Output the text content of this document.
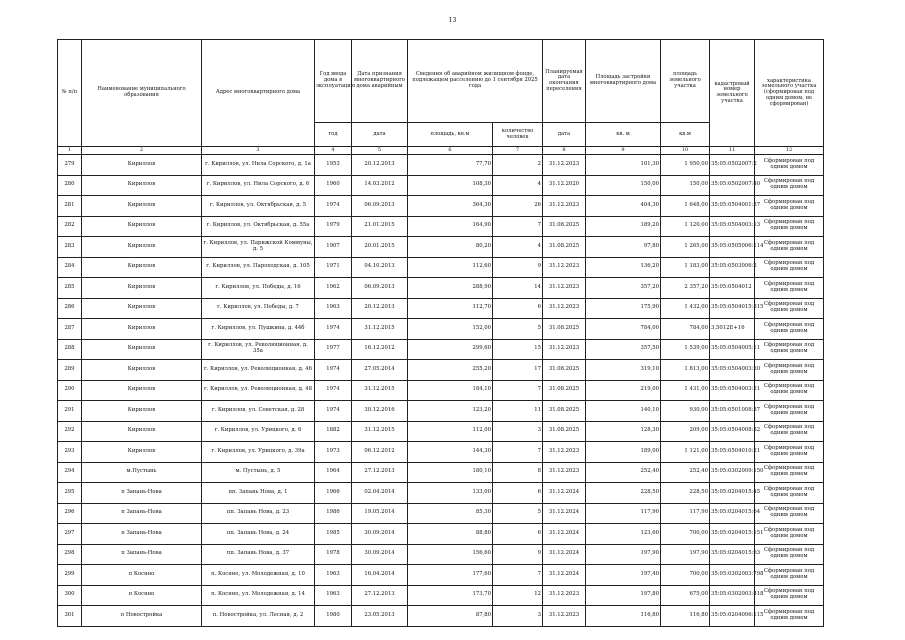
13
№ п/п	Наименование муниципального образования	Адрес многоквартирного дома	Год ввода дома в эксплуатацию	Дата признания многоквартирного дома аварийным	Сведения об аварийном жилищном фонде, подлежащем расселению до 1 сентября 2025 года		Планируемая дата окончания переселения	Площадь застройки многоквартирного дома	площадь земельного участка	кадастровый номер земельного участка	характеристика земельного участка (сформирован под одним домом, не сформирован)
			год	дата	площадь, кв.м	количество человек	дата	кв. м	кв.м		
1	2	3	4	5	6	7	8	9	10	11	12
279	Кириллов	г. Кириллов, ул. Нила Сорского, д. 1а	1953	20.12.2013	77,70	2	31.12.2023	101,30	1 950,00	35:05:0502007:2	Сформирован под одним домом
280	Кириллов	г. Кириллов, ул. Нила Сорского, д. 6	1960	14.03.2012	108,30	4	31.12.2020	150,00	150,00	35:05:0502007:40	Сформирован под одним домом
281	Кириллов	г. Кириллов, ул. Октябрьская, д. 5	1974	06.09.2013	364,30	26	31.12.2023	404,30	1 648,00	35:05:0504001:37	Сформирован под одним домом
282	Кириллов	г. Кириллов, ул. Октябрьская, д. 55а	1979	21.01.2015	164,90	7	31.08.2025	189,20	1 120,00	35:05:0504003:13	Сформирован под одним домом
283	Кириллов	г. Кириллов, ул. Парижской Коммуны, д. 5	1907	20.01.2015	80,20	4	31.08.2025	97,80	1 265,00	35:05:0505006:114	Сформирован под одним домом
284	Кириллов	г. Кириллов, ул. Пароходская, д. 105	1971	04.10.2013	112,60	9	31.12.2023	136,20	1 183,00	35:05:0503006:2	Сформирован под одним домом
285	Кириллов	г. Кириллов, ул. Победы, д. 16	1962	06.09.2013	288,90	14	31.12.2023	357,20	2 357,20	35:05:0504012	Сформирован под одним домом
286	Кириллов	г. Кириллов, ул. Победы, д. 7	1963	20.12.2013	112,70	6	31.12.2023	175,90	1 432,00	35:05:0504015:315	Сформирован под одним домом
287	Кириллов	г. Кириллов, ул. Пушкина, д. 44б	1974	31.12.2015	152,00	5	31.08.2025	784,00	784,00	3,5012E+16	Сформирован под одним домом
288	Кириллов	г. Кириллов, ул. Революционная, д. 35а	1977	16.12.2012	299,60	15	31.12.2023	357,50	1 539,00	35:05:0504005:11	Сформирован под одним домом
289	Кириллов	г. Кириллов, ул. Революционная, д. 46	1974	27.05.2014	255,20	17	31.08.2025	319,10	1 813,00	35:05:0504003:20	Сформирован под одним домом
290	Кириллов	г. Кириллов, ул. Революционная, д. 48	1974	31.12.2015	184,10	7	31.08.2025	219,00	1 431,00	35:05:0504003:21	Сформирован под одним домом
291	Кириллов	г. Кириллов, ул. Советская, д. 28	1974	30.12.2016	123,20	11	31.08.2025	140,10	930,00	35:05:0501008:37	Сформирован под одним домом
292	Кириллов	г. Кириллов, ул. Урицкого, д. 6	1882	31.12.2015	112,00	3	31.08.2025	128,30	209,00	35:05:0504008:32	Сформирован под одним домом
293	Кириллов	г. Кириллов, ул. Урицкого, д. 39а	1973	06.12.2012	144,30	7	31.12.2023	189,00	1 121,00	35:05:0504010:21	Сформирован под одним домом
294	м.Пустынь	м. Пустынь, д. 5	1964	27.12.2013	180,10	8	31.12.2023	252,40	252,40	35:05:0302009:150	Сформирован под одним домом
295	п Запань-Нова	пп. Запань Нова, д. 1	1966	02.04.2014	133,00	6	31.12.2024	228,50	228,50	35:05:0204015:45	Сформирован под одним домом
296	п Запань-Нова	пп. Запань Нова, д. 23	1986	19.05.2014	85,30	5	31.12.2024	117,90	117,90	35:05:0204015:64	Сформирован под одним домом
297	п Запань-Нова	пп. Запань Нова, д. 24	1985	30.09.2014	88,80	6	31.12.2024	123,60	700,00	35:05:0204015:151	Сформирован под одним домом
298	п Запань-Нова	пп. Запань Нова, д. 37	1978	30.09.2014	156,60	9	31.12.2024	197,90	197,90	35:05:0204015:63	Сформирован под одним домом
299	п Коснно	п. Коснно, ул. Молодежная, д. 10	1963	16.04.2014	177,60	7	31.12.2024	197,40	700,00	35:05:0302003:798	Сформирован под одним домом
300	п Коснно	п. Коснно, ул. Молодежная, д. 14	1963	27.12.2013	173,70	12	31.12.2023	197,80	675,00	35:05:0302003:418	Сформирован под одним домом
301	п Новостройка	п. Новостройка, ул. Лесная, д. 2	1980	23.05.2013	87,80	3	31.12.2023	116,80	116,80	35:05:0204006:115	Сформирован под одним домом
